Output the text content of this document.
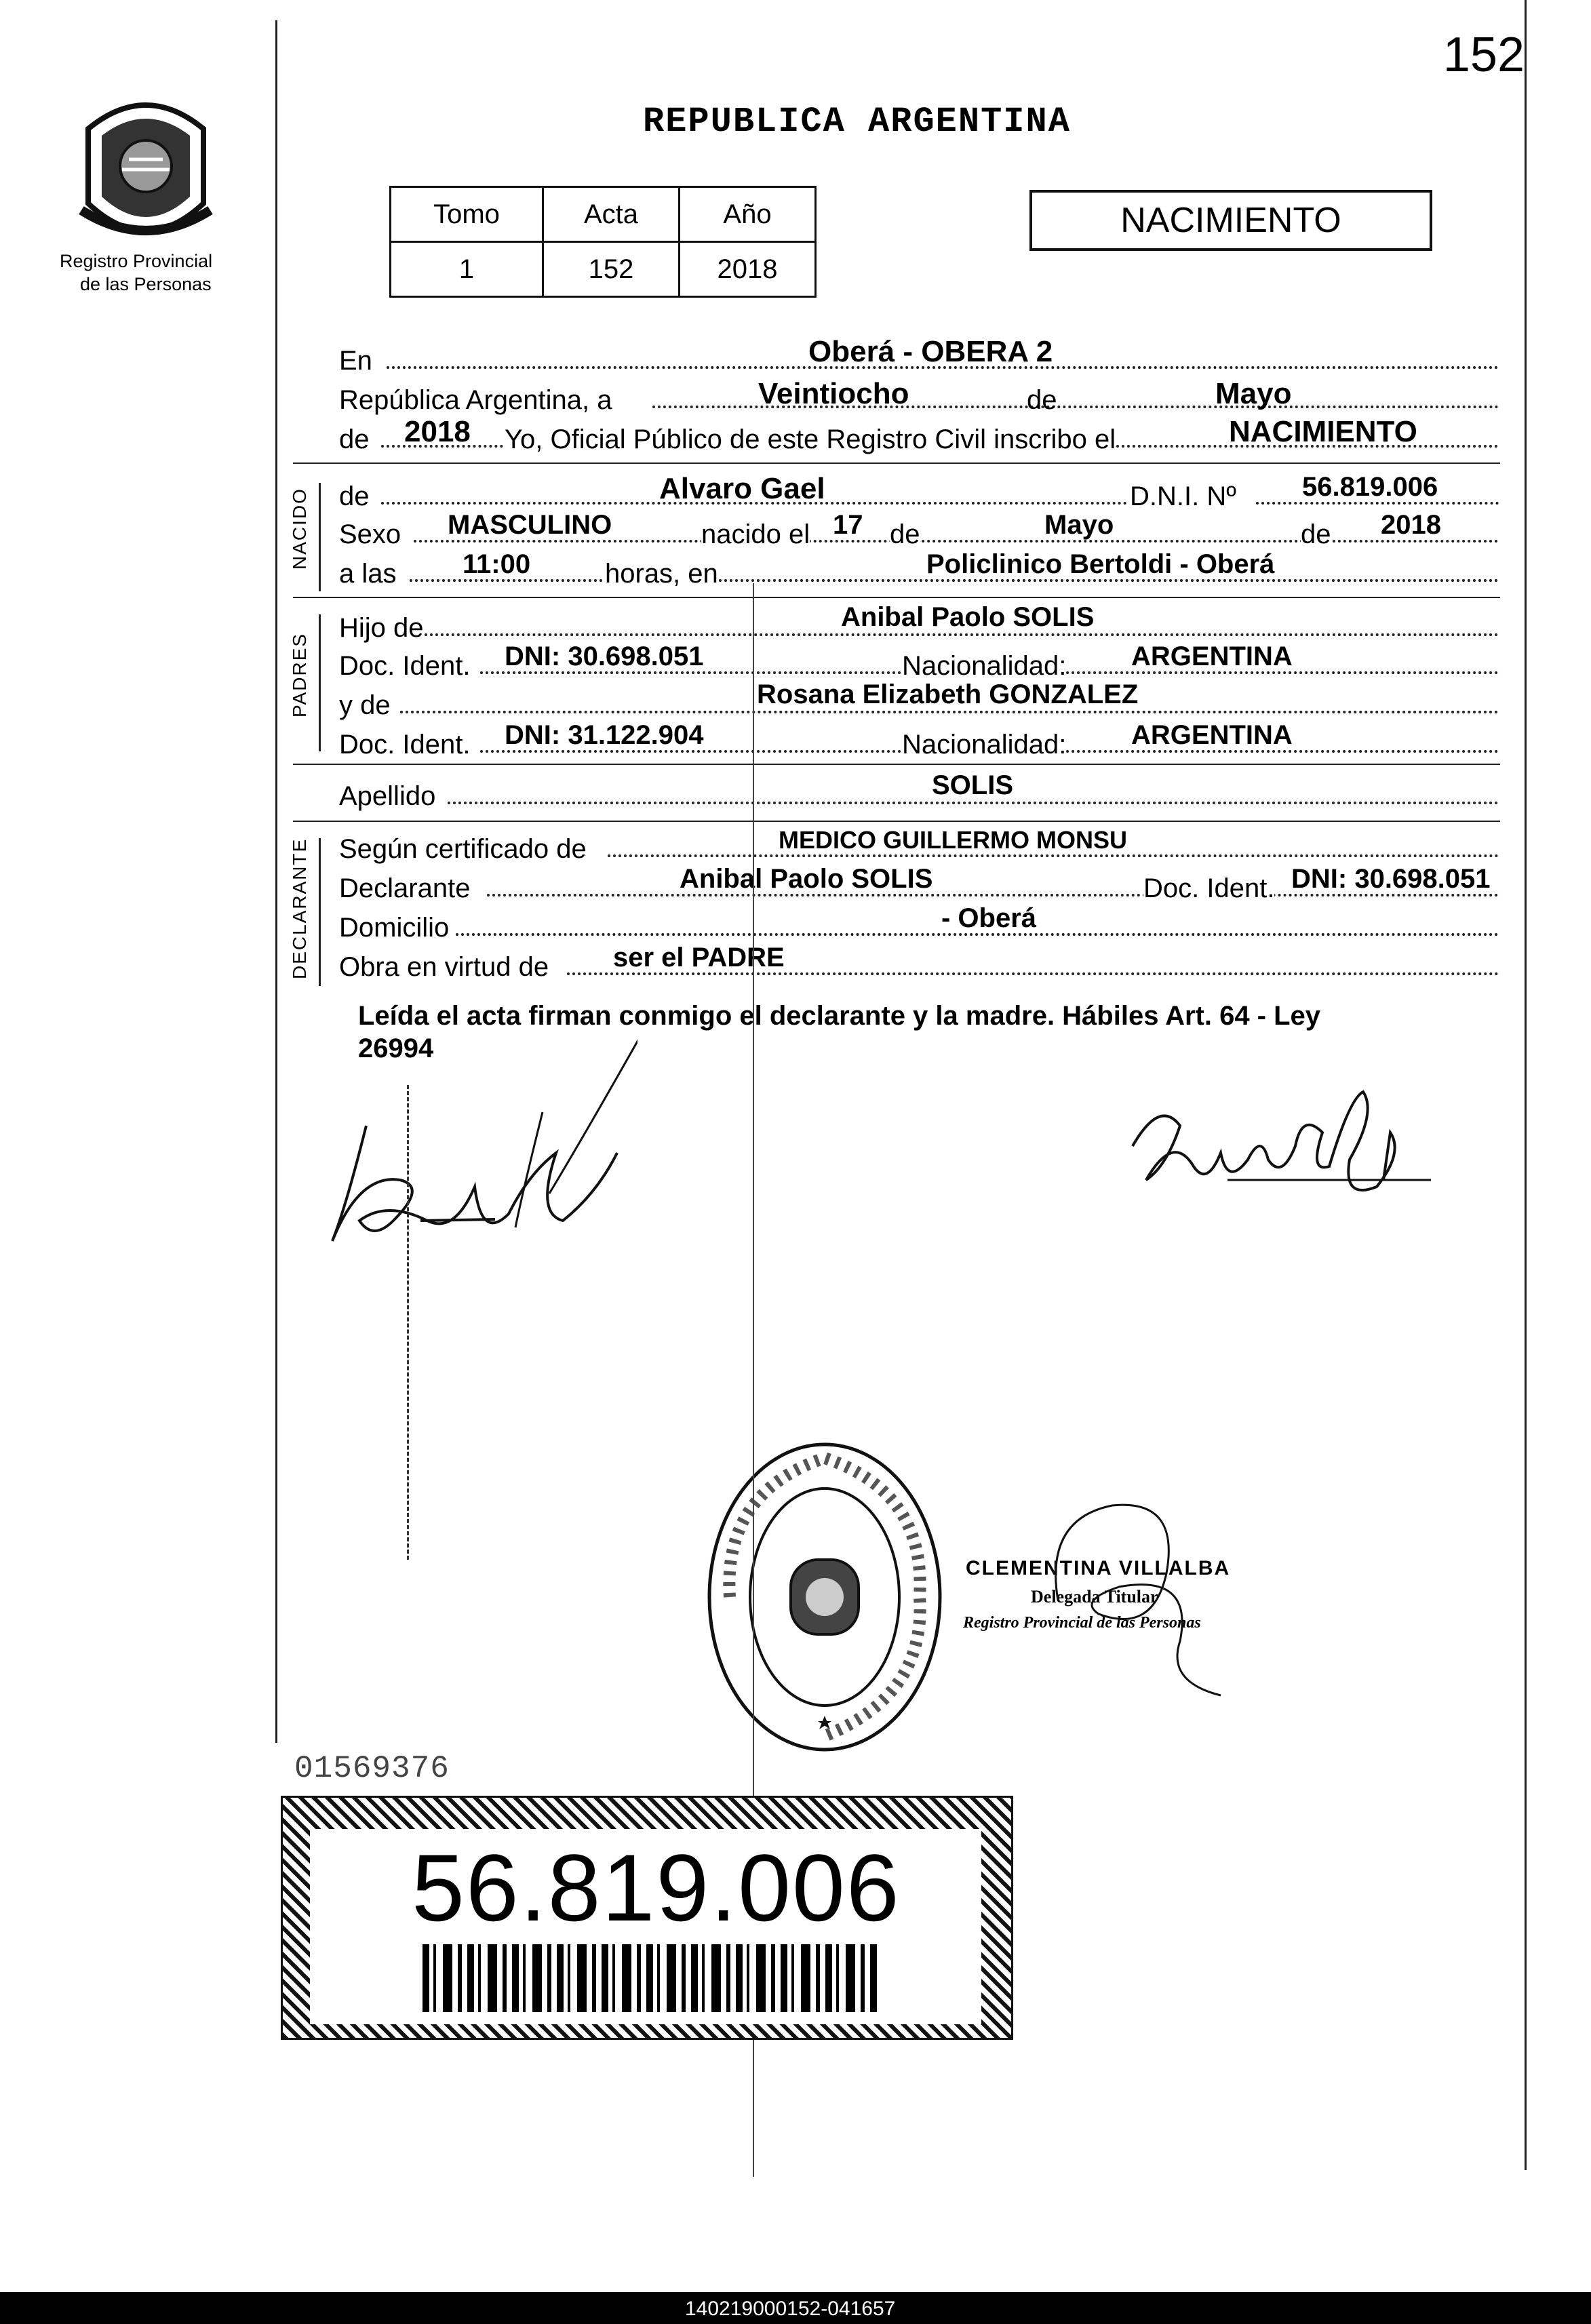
152
Registro Provincial
de las Personas
REPUBLICA ARGENTINA
Tomo	Acta	Año
1	152	2018
NACIMIENTO
En	Oberá - OBERA 2
República Argentina, a	Veintiocho	de	Mayo
de 2018 Yo, Oficial Público de este Registro Civil inscribo el	NACIMIENTO
NACIDO de	Alvaro Gael	D.N.I. Nº 56.819.006
Sexo MASCULINO	nacido el 17 de	Mayo	de 2018
a las 11:00	horas, en	Policlinico Bertoldi - Oberá
PADRES
Hijo de	Anibal Paolo SOLIS
Doc. Ident. DNI: 30.698.051	Nacionalidad: ARGENTINA
y de	Rosana Elizabeth GONZALEZ
Doc. Ident. DNI: 31.122.904	Nacionalidad: ARGENTINA
Apellido	SOLIS
DECLARANTE Según certificado de	MEDICO GUILLERMO MONSU
Declarante	Anibal Paolo SOLIS	Doc. Ident. DNI: 30.698.051
Domicilio	- Oberá
Obra en virtud de ser el PADRE
Leída el acta firman conmigo el declarante y la madre. Hábiles Art. 64 - Ley
26994
CLEMENTINA VILLALBA
Delegada Titular
Registro Provincial de las Personas
01569376
56.819.006
140219000152-041657
